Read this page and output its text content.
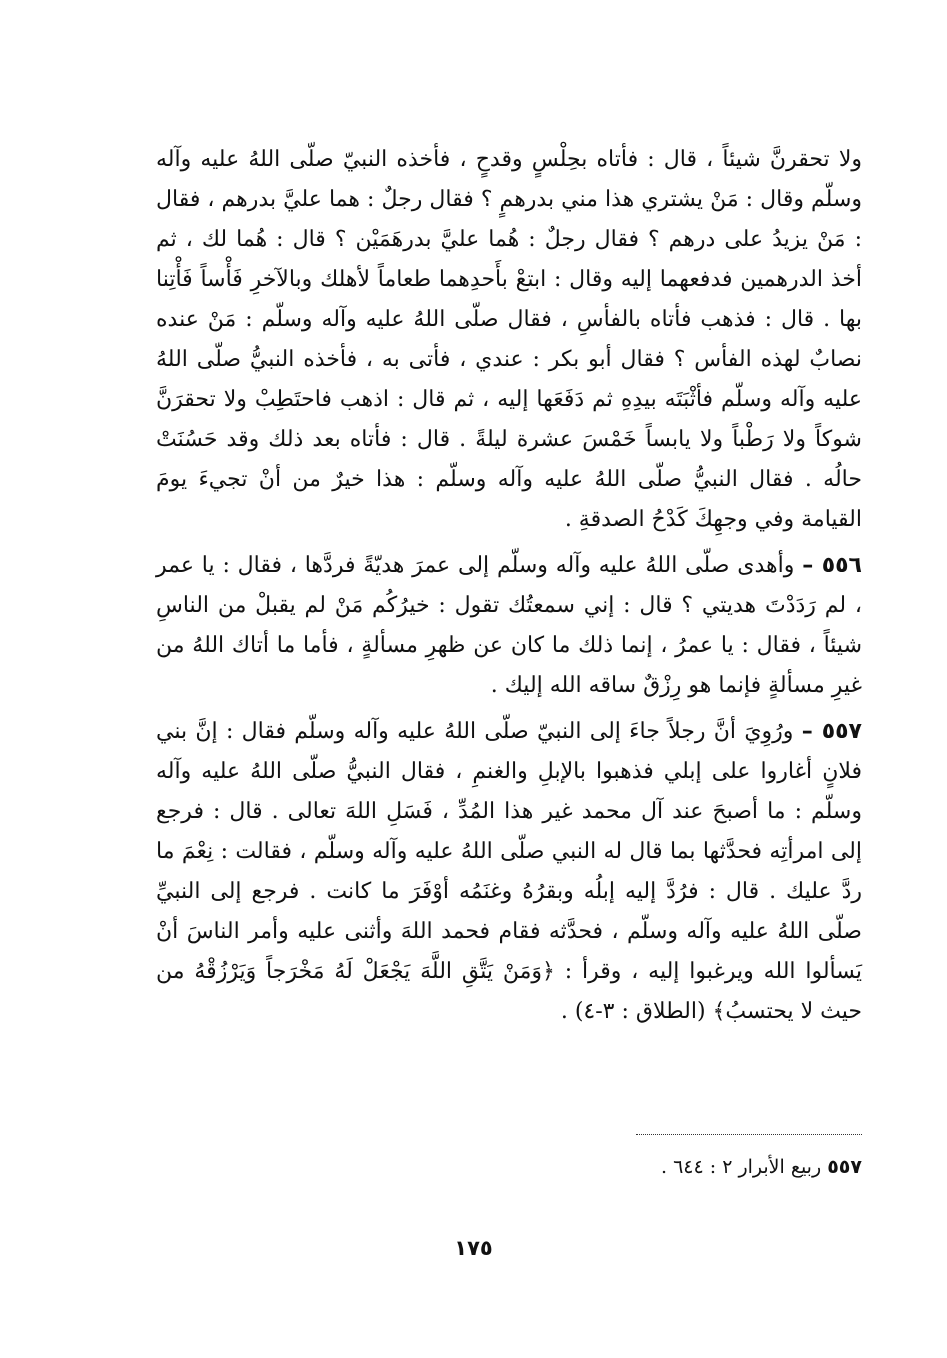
ولا تحقرنَّ شيئاً ، قال : فأتاه بحِلْسٍ وقدحٍ ، فأخذه النبيّ صلّى اللهُ عليه وآله وسلّم وقال : مَنْ يشتري هذا مني بدرهمٍ ؟ فقال رجلٌ : هما عليَّ بدرهم ، فقال : مَنْ يزيدُ على درهم ؟ فقال رجلٌ : هُما عليَّ بدرهَمَيْن ؟ قال : هُما لك ، ثم أخذ الدرهمين فدفعهما إليه وقال : ابتعْ بأَحدِهما طعاماً لأهلك وبالآخرِ فَأْساً فَأْتِنا بها . قال : فذهب فأتاه بالفأسِ ، فقال صلّى اللهُ عليه وآله وسلّم : مَنْ عنده نصابٌ لهذه الفأس ؟ فقال أبو بكر : عندي ، فأتى به ، فأخذه النبيُّ صلّى اللهُ عليه وآله وسلّم فأثْبَتَه بيدِهِ ثم دَفَعَها إليه ، ثم قال : اذهب فاحتَطِبْ ولا تحقرَنَّ شوكاً ولا رَطْباً ولا يابساً خَمْسَ عشرة ليلةً . قال : فأتاه بعد ذلك وقد حَسُنَتْ حالُه . فقال النبيُّ صلّى اللهُ عليه وآله وسلّم : هذا خيرٌ من أنْ تجيءَ يومَ القيامة وفي وجهِكَ كَدْحُ الصدقةِ .

٥٥٦ – وأهدى صلّى اللهُ عليه وآله وسلّم إلى عمرَ هديّةً فردَّها ، فقال : يا عمر ، لم رَدَدْتَ هديتي ؟ قال : إني سمعتُك تقول : خيرُكُم مَنْ لم يقبلْ من الناسِ شيئاً ، فقال : يا عمرُ ، إنما ذلك ما كان عن ظهرِ مسألةٍ ، فأما ما أتاك اللهُ من غيرِ مسألةٍ فإنما هو رِزْقٌ ساقه الله إليك .

٥٥٧ – ورُوِيَ أنَّ رجلاً جاءَ إلى النبيّ صلّى اللهُ عليه وآله وسلّم فقال : إنَّ بني فلانٍ أغاروا على إبلي فذهبوا بالإبلِ والغنمِ ، فقال النبيُّ صلّى اللهُ عليه وآله وسلّم : ما أصبحَ عند آل محمد غير هذا المُدِّ ، فَسَلِ اللهَ تعالى . قال : فرجع إلى امرأتِه فحدَّثها بما قال له النبي صلّى اللهُ عليه وآله وسلّم ، فقالت : نِعْمَ ما ردَّ عليك . قال : فرُدَّ إليه إبلُه وبقرُهُ وغنَمُه أوْفَرَ ما كانت . فرجع إلى النبيِّ صلّى اللهُ عليه وآله وسلّم ، فحدَّثه فقام فحمد اللهَ وأثنى عليه وأمر الناسَ أنْ يَسألوا الله ويرغبوا إليه ، وقرأ : ﴿وَمَنْ يَتَّقِ اللَّهَ يَجْعَلْ لَهُ مَخْرَجاً وَيَرْزُقْهُ من حيث لا يحتسبُ﴾ (الطلاق : ٣-٤) .

٥٥٧ ربيع الأبرار ٢ : ٦٤٤ .
١٧٥
